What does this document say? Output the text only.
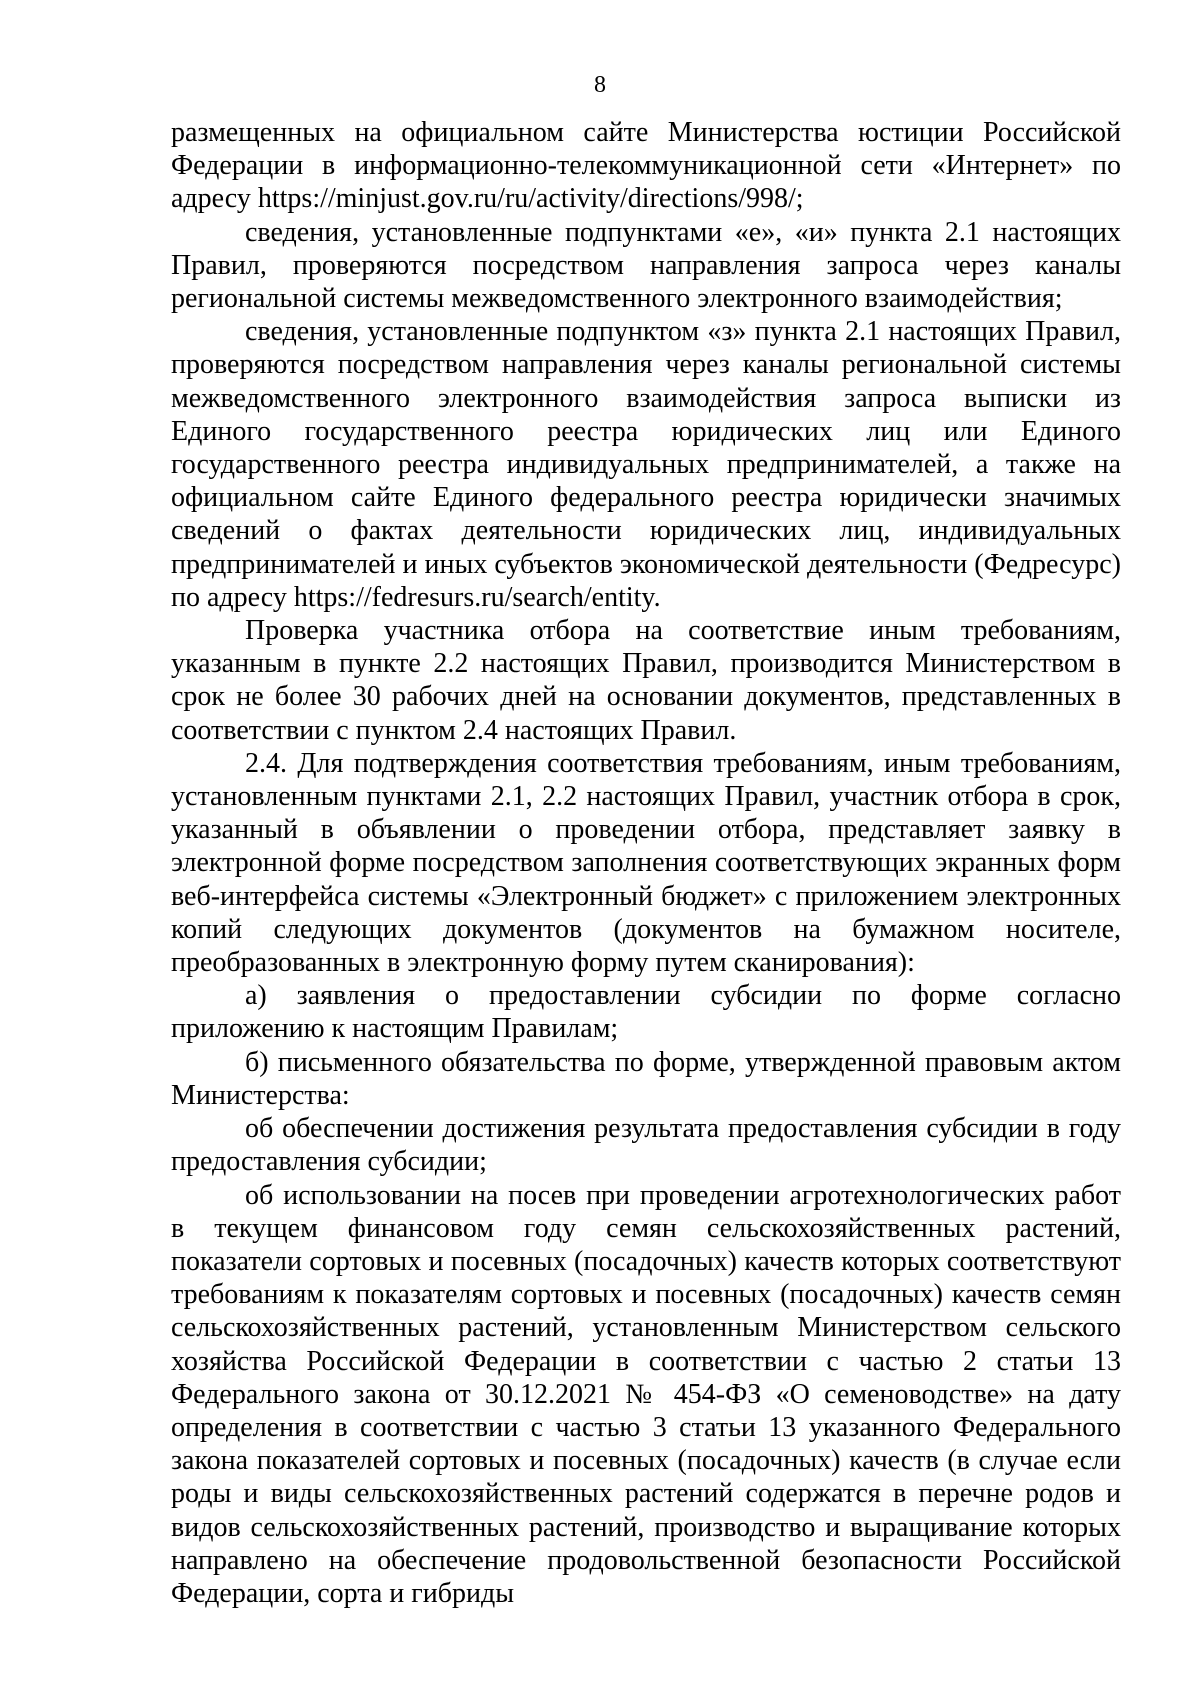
8

размещенных на официальном сайте Министерства юстиции Российской Федерации в информационно-телекоммуникационной сети «Интернет» по адресу https://minjust.gov.ru/ru/activity/directions/998/;

сведения, установленные подпунктами «е», «и» пункта 2.1 настоящих Правил, проверяются посредством направления запроса через каналы региональной системы межведомственного электронного взаимодействия;

сведения, установленные подпунктом «з» пункта 2.1 настоящих Правил, проверяются посредством направления через каналы региональной системы межведомственного электронного взаимодействия запроса выписки из Единого государственного реестра юридических лиц или Единого государственного реестра индивидуальных предпринимателей, а также на официальном сайте Единого федерального реестра юридически значимых сведений о фактах деятельности юридических лиц, индивидуальных предпринимателей и иных субъектов экономической деятельности (Федресурс) по адресу https://fedresurs.ru/search/entity.

Проверка участника отбора на соответствие иным требованиям, указанным в пункте 2.2 настоящих Правил, производится Министерством в срок не более 30 рабочих дней на основании документов, представленных в соответствии с пунктом 2.4 настоящих Правил.

2.4. Для подтверждения соответствия требованиям, иным требованиям, установленным пунктами 2.1, 2.2 настоящих Правил, участник отбора в срок, указанный в объявлении о проведении отбора, представляет заявку в электронной форме посредством заполнения соответствующих экранных форм веб-интерфейса системы «Электронный бюджет» с приложением электронных копий следующих документов (документов на бумажном носителе, преобразованных в электронную форму путем сканирования):

а) заявления о предоставлении субсидии по форме согласно приложению к настоящим Правилам;

б) письменного обязательства по форме, утвержденной правовым актом Министерства:

об обеспечении достижения результата предоставления субсидии в году предоставления субсидии;

об использовании на посев при проведении агротехнологических работ в текущем финансовом году семян сельскохозяйственных растений, показатели сортовых и посевных (посадочных) качеств которых соответствуют требованиям к показателям сортовых и посевных (посадочных) качеств семян сельскохозяйственных растений, установленным Министерством сельского хозяйства Российской Федерации в соответствии с частью 2 статьи 13 Федерального закона от 30.12.2021 № 454-ФЗ «О семеноводстве» на дату определения в соответствии с частью 3 статьи 13 указанного Федерального закона показателей сортовых и посевных (посадочных) качеств (в случае если роды и виды сельскохозяйственных растений содержатся в перечне родов и видов сельскохозяйственных растений, производство и выращивание которых направлено на обеспечение продовольственной безопасности Российской Федерации, сорта и гибриды
